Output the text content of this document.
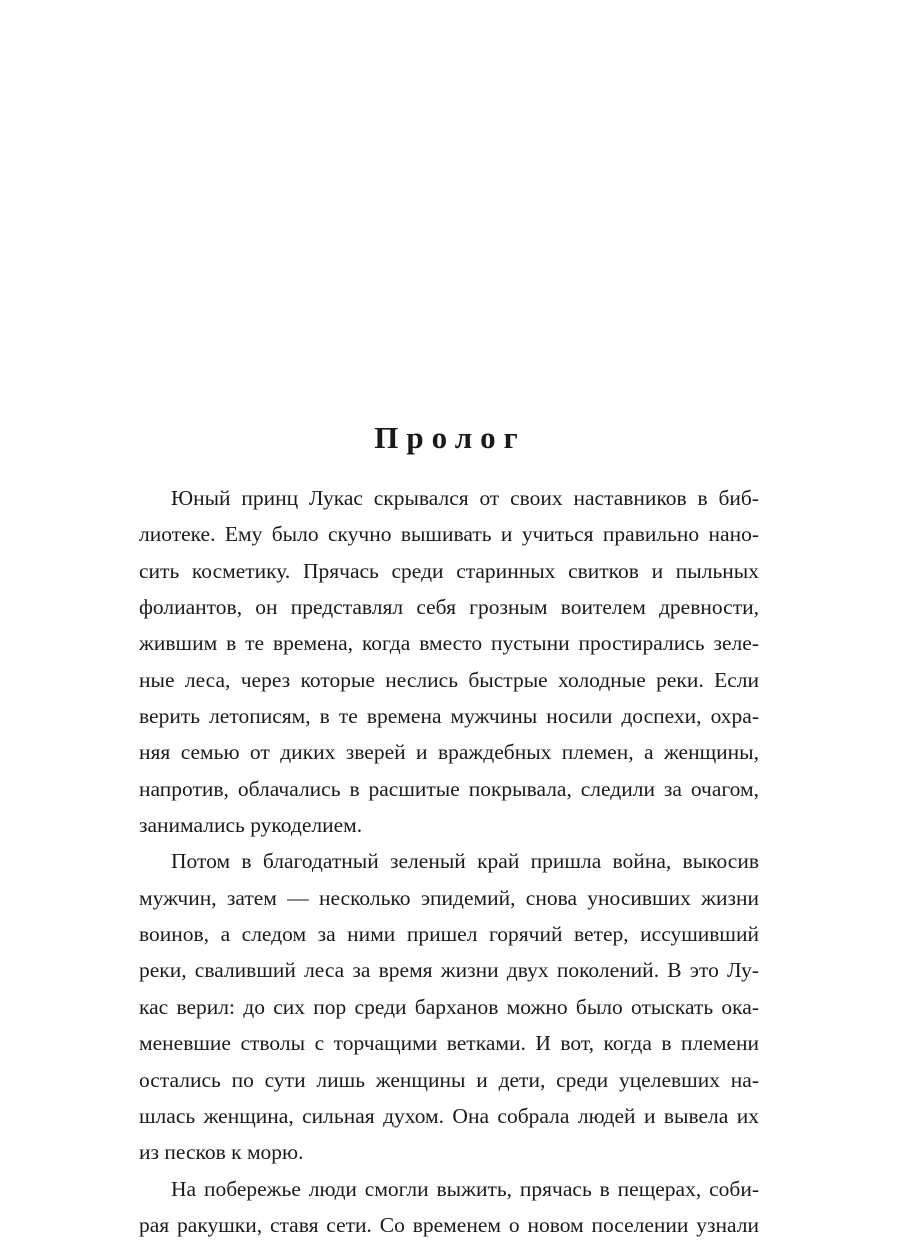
Пролог
Юный принц Лукас скрывался от своих наставников в биб-
лиотеке. Ему было скучно вышивать и учиться правильно нано-
сить косметику. Прячась среди старинных свитков и пыльных
фолиантов, он представлял себя грозным воителем древности,
жившим в те времена, когда вместо пустыни простирались зеле-
ные леса, через которые неслись быстрые холодные реки. Если
верить летописям, в те времена мужчины носили доспехи, охра-
няя семью от диких зверей и враждебных племен, а женщины,
напротив, облачались в расшитые покрывала, следили за очагом,
занимались рукоделием.
Потом в благодатный зеленый край пришла война, выкосив
мужчин, затем — несколько эпидемий, снова уносивших жизни
воинов, а следом за ними пришел горячий ветер, иссушивший
реки, сваливший леса за время жизни двух поколений. В это Лу-
кас верил: до сих пор среди барханов можно было отыскать ока-
меневшие стволы с торчащими ветками. И вот, когда в племени
остались по сути лишь женщины и дети, среди уцелевших на-
шлась женщина, сильная духом. Она собрала людей и вывела их
из песков к морю.
На побережье люди смогли выжить, прячась в пещерах, соби-
рая ракушки, ставя сети. Со временем о новом поселении узнали
